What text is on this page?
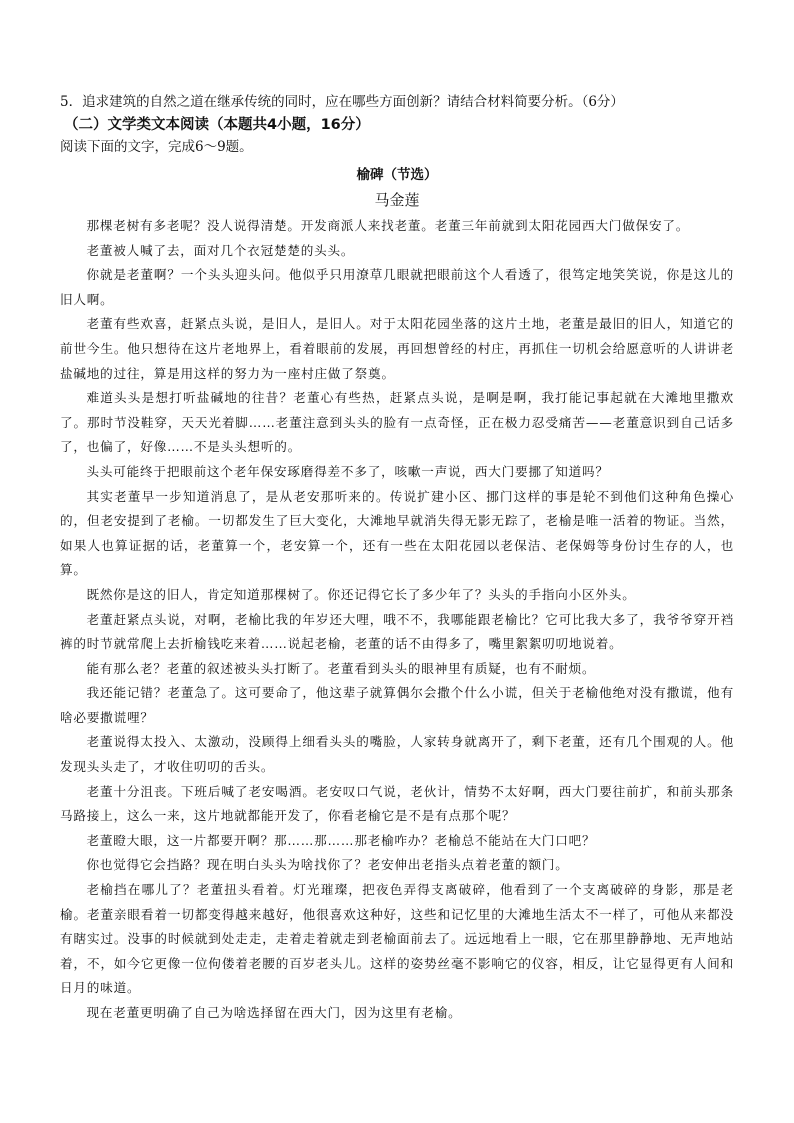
5．追求建筑的自然之道在继承传统的同时，应在哪些方面创新？请结合材料简要分析。（6分）

（二）文学类文本阅读（本题共4小题，16分）

阅读下面的文字，完成6～9题。

榆碑（节选）

马金莲

那棵老树有多老呢？没人说得清楚。开发商派人来找老董。老董三年前就到太阳花园西大门做保安了。

老董被人喊了去，面对几个衣冠楚楚的头头。

你就是老董啊？一个头头迎头问。他似乎只用潦草几眼就把眼前这个人看透了，很笃定地笑笑说，你是这儿的旧人啊。

老董有些欢喜，赶紧点头说，是旧人，是旧人。对于太阳花园坐落的这片土地，老董是最旧的旧人，知道它的前世今生。他只想待在这片老地界上，看着眼前的发展，再回想曾经的村庄，再抓住一切机会给愿意听的人讲讲老盐碱地的过往，算是用这样的努力为一座村庄做了祭奠。

难道头头是想打听盐碱地的往昔？老董心有些热，赶紧点头说，是啊是啊，我打能记事起就在大滩地里撒欢了。那时节没鞋穿，天天光着脚……老董注意到头头的脸有一点奇怪，正在极力忍受痛苦——老董意识到自己话多了，也偏了，好像……不是头头想听的。

头头可能终于把眼前这个老年保安琢磨得差不多了，咳嗽一声说，西大门要挪了知道吗？

其实老董早一步知道消息了，是从老安那听来的。传说扩建小区、挪门这样的事是轮不到他们这种角色操心的，但老安提到了老榆。一切都发生了巨大变化，大滩地早就消失得无影无踪了，老榆是唯一活着的物证。当然，如果人也算证据的话，老董算一个，老安算一个，还有一些在太阳花园以老保洁、老保姆等身份讨生存的人，也算。

既然你是这的旧人，肯定知道那棵树了。你还记得它长了多少年了？头头的手指向小区外头。

老董赶紧点头说，对啊，老榆比我的年岁还大哩，哦不不，我哪能跟老榆比？它可比我大多了，我爷爷穿开裆裤的时节就常爬上去折榆钱吃来着……说起老榆，老董的话不由得多了，嘴里絮絮叨叨地说着。

能有那么老？老董的叙述被头头打断了。老董看到头头的眼神里有质疑，也有不耐烦。

我还能记错？老董急了。这可要命了，他这辈子就算偶尔会撒个什么小谎，但关于老榆他绝对没有撒谎，他有啥必要撒谎哩？

老董说得太投入、太激动，没顾得上细看头头的嘴脸，人家转身就离开了，剩下老董，还有几个围观的人。他发现头头走了，才收住叨叨的舌头。

老董十分沮丧。下班后喊了老安喝酒。老安叹口气说，老伙计，情势不太好啊，西大门要往前扩，和前头那条马路接上，这么一来，这片地就都能开发了，你看老榆它是不是有点那个呢？

老董瞪大眼，这一片都要开啊？那……那……那老榆咋办？老榆总不能站在大门口吧？

你也觉得它会挡路？现在明白头头为啥找你了？老安伸出老指头点着老董的额门。

老榆挡在哪儿了？老董扭头看着。灯光璀璨，把夜色弄得支离破碎，他看到了一个支离破碎的身影，那是老榆。老董亲眼看着一切都变得越来越好，他很喜欢这种好，这些和记忆里的大滩地生活太不一样了，可他从来都没有瞎实过。没事的时候就到处走走，走着走着就走到老榆面前去了。远远地看上一眼，它在那里静静地、无声地站着，不，如今它更像一位佝偻着老腰的百岁老头儿。这样的姿势丝毫不影响它的仪容，相反，让它显得更有人间和日月的味道。

现在老董更明确了自己为啥选择留在西大门，因为这里有老榆。
